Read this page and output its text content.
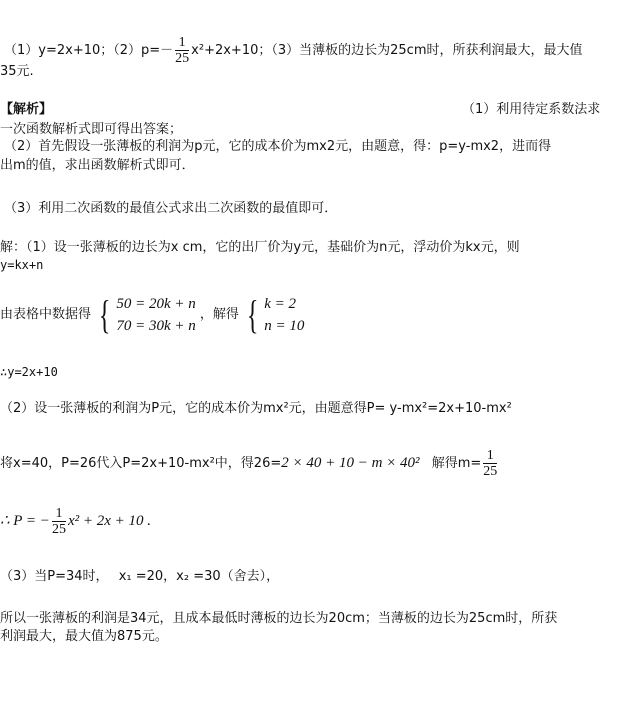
（1）y=2x+10；$(2)p=- \frac{1}{25} x^2+2x+10$；（3）当薄板的边长为25cm时，所获利润最大，最大值
35元.
【解析】	（1）利用待定系数法求
一次函数解析式即可得出答案；
（2）首先假设一张薄板的利润为p元，它的成本价为mx2元，由题意，得：p=y-mx2，进而得
出m的值，求出函数解析式即可．
（3）利用二次函数的最值公式求出二次函数的最值即可．
解：（1）设一张薄板的边长为x cm，它的出厂价为y元，基础价为n元，浮动价为kx元，则
y=kx+n
由表格中数据得 { 50 = 20k + n
70 = 30k + n
，解得 { k = 2
n = 10
∴y=2x+10
（2）设一张薄板的利润为P元，它的成本价为mx²元，由题意得P= y-mx²=2x+10-mx²
将x=40，P=26代入P=2x+10-mx²中，得26=2 × 40 + 10 − m × 40² 解得$m= \frac{1}{25}$
∴ P = − $\frac{1}{25} x^2 + 2x + 10$ .
（3）当P=34时， x₁ =20，x₂ =30（舍去），
所以一张薄板的利润是34元，且成本最低时薄板的边长为20cm；当薄板的边长为25cm时，所获
利润最大，最大值为875元。
